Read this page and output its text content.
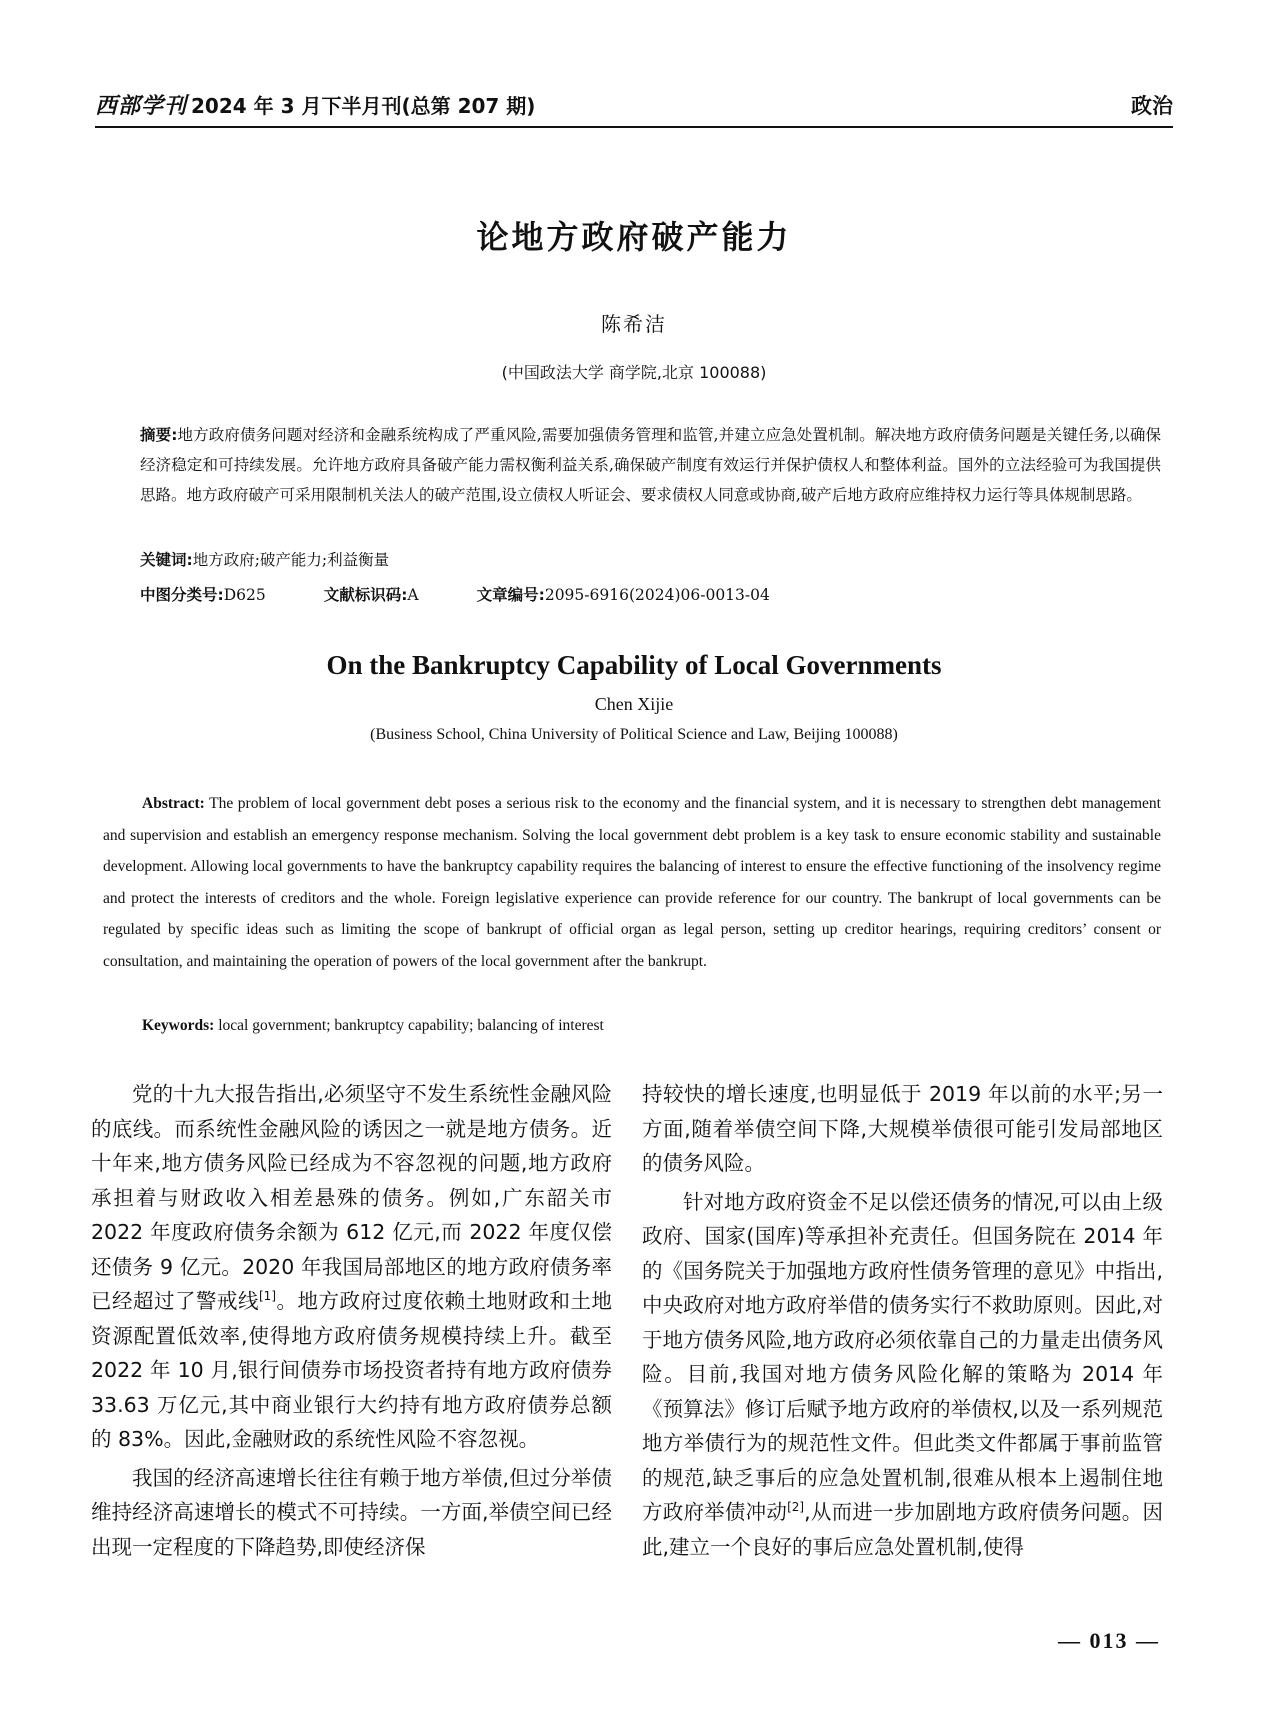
西部学刊 2024 年 3 月下半月刊(总第 207 期)	政治
论地方政府破产能力
陈希洁
(中国政法大学 商学院,北京 100088)
摘要:地方政府债务问题对经济和金融系统构成了严重风险,需要加强债务管理和监管,并建立应急处置机制。解决地方政府债务问题是关键任务,以确保经济稳定和可持续发展。允许地方政府具备破产能力需权衡利益关系,确保破产制度有效运行并保护债权人和整体利益。国外的立法经验可为我国提供思路。地方政府破产可采用限制机关法人的破产范围,设立债权人听证会、要求债权人同意或协商,破产后地方政府应维持权力运行等具体规制思路。
关键词:地方政府;破产能力;利益衡量
中图分类号:D625	文献标识码:A	文章编号:2095-6916(2024)06-0013-04
On the Bankruptcy Capability of Local Governments
Chen Xijie
(Business School, China University of Political Science and Law, Beijing 100088)
Abstract: The problem of local government debt poses a serious risk to the economy and the financial system, and it is necessary to strengthen debt management and supervision and establish an emergency response mechanism. Solving the local government debt problem is a key task to ensure economic stability and sustainable development. Allowing local governments to have the bankruptcy capability requires the balancing of interest to ensure the effective functioning of the insolvency regime and protect the interests of creditors and the whole. Foreign legislative experience can provide reference for our country. The bankrupt of local governments can be regulated by specific ideas such as limiting the scope of bankrupt of official organ as legal person, setting up creditor hearings, requiring creditors’ consent or consultation, and maintaining the operation of powers of the local government after the bankrupt.
Keywords: local government; bankruptcy capability; balancing of interest

党的十九大报告指出,必须坚守不发生系统性金融风险的底线。而系统性金融风险的诱因之一就是地方债务。近十年来,地方债务风险已经成为不容忽视的问题,地方政府承担着与财政收入相差悬殊的债务。例如,广东韶关市 2022 年度政府债务余额为 612 亿元,而 2022 年度仅偿还债务 9 亿元。2020 年我国局部地区的地方政府债务率已经超过了警戒线[1]。地方政府过度依赖土地财政和土地资源配置低效率,使得地方政府债务规模持续上升。截至 2022 年 10 月,银行间债券市场投资者持有地方政府债券 33.63 万亿元,其中商业银行大约持有地方政府债券总额的 83%。因此,金融财政的系统性风险不容忽视。

我国的经济高速增长往往有赖于地方举债,但过分举债维持经济高速增长的模式不可持续。一方面,举债空间已经出现一定程度的下降趋势,即使经济保

持较快的增长速度,也明显低于 2019 年以前的水平;另一方面,随着举债空间下降,大规模举债很可能引发局部地区的债务风险。

针对地方政府资金不足以偿还债务的情况,可以由上级政府、国家(国库)等承担补充责任。但国务院在 2014 年的《国务院关于加强地方政府性债务管理的意见》中指出,中央政府对地方政府举借的债务实行不救助原则。因此,对于地方债务风险,地方政府必须依靠自己的力量走出债务风险。目前,我国对地方债务风险化解的策略为 2014 年《预算法》修订后赋予地方政府的举债权,以及一系列规范地方举债行为的规范性文件。但此类文件都属于事前监管的规范,缺乏事后的应急处置机制,很难从根本上遏制住地方政府举债冲动[2],从而进一步加剧地方政府债务问题。因此,建立一个良好的事后应急处置机制,使得

— 013 —
